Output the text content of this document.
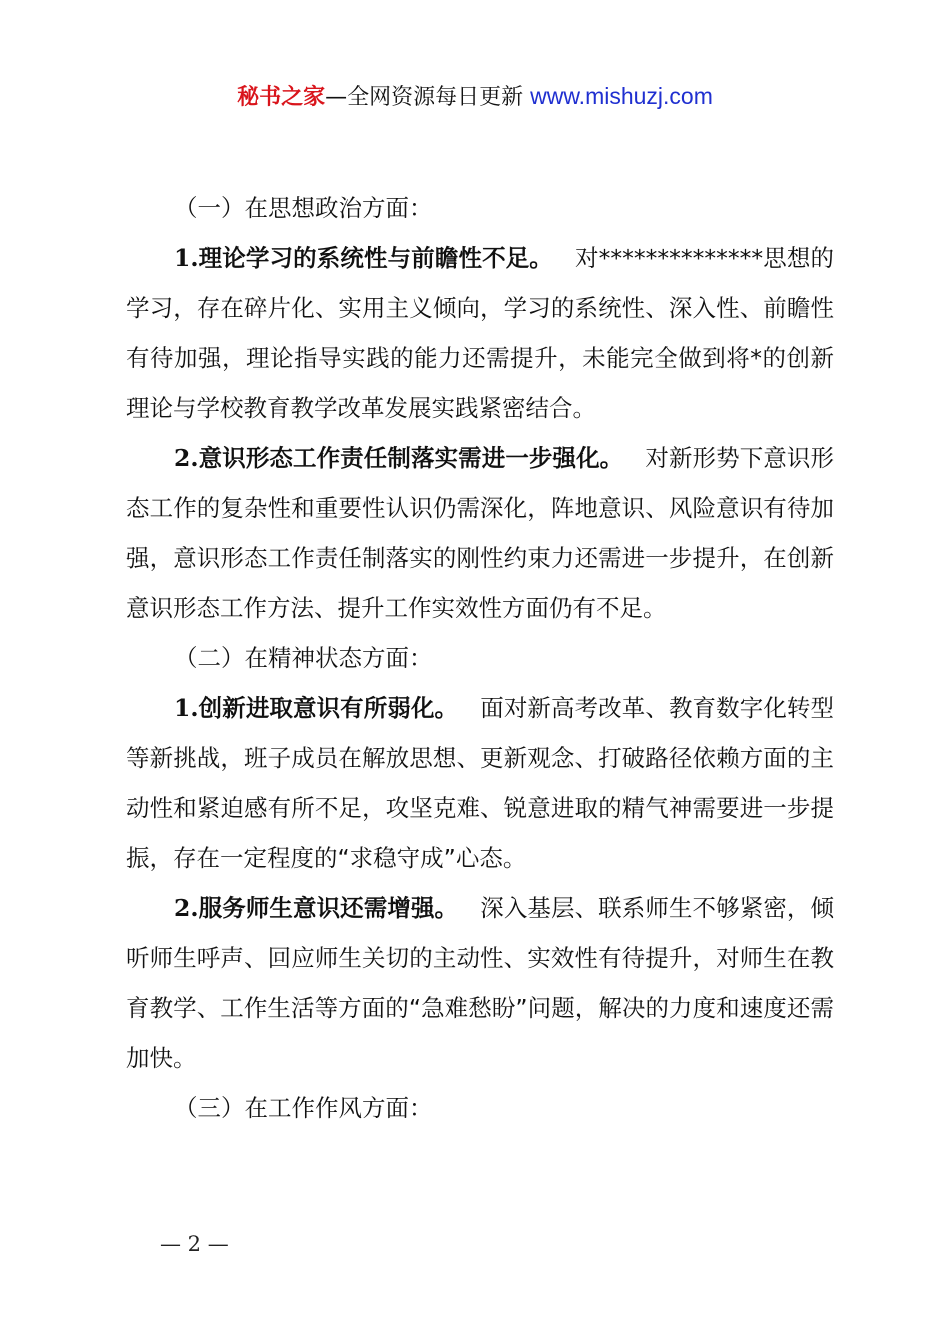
秘书之家—全网资源每日更新 www.mishuzj.com

（一）在思想政治方面：

1.理论学习的系统性与前瞻性不足。 对**************思想的学习，存在碎片化、实用主义倾向，学习的系统性、深入性、前瞻性有待加强，理论指导实践的能力还需提升，未能完全做到将*的创新理论与学校教育教学改革发展实践紧密结合。

2.意识形态工作责任制落实需进一步强化。 对新形势下意识形态工作的复杂性和重要性认识仍需深化，阵地意识、风险意识有待加强，意识形态工作责任制落实的刚性约束力还需进一步提升，在创新意识形态工作方法、提升工作实效性方面仍有不足。

（二）在精神状态方面：

1.创新进取意识有所弱化。 面对新高考改革、教育数字化转型等新挑战，班子成员在解放思想、更新观念、打破路径依赖方面的主动性和紧迫感有所不足，攻坚克难、锐意进取的精气神需要进一步提振，存在一定程度的“求稳守成”心态。

2.服务师生意识还需增强。 深入基层、联系师生不够紧密，倾听师生呼声、回应师生关切的主动性、实效性有待提升，对师生在教育教学、工作生活等方面的“急难愁盼”问题，解决的力度和速度还需加快。

（三）在工作作风方面：

— 2 —
